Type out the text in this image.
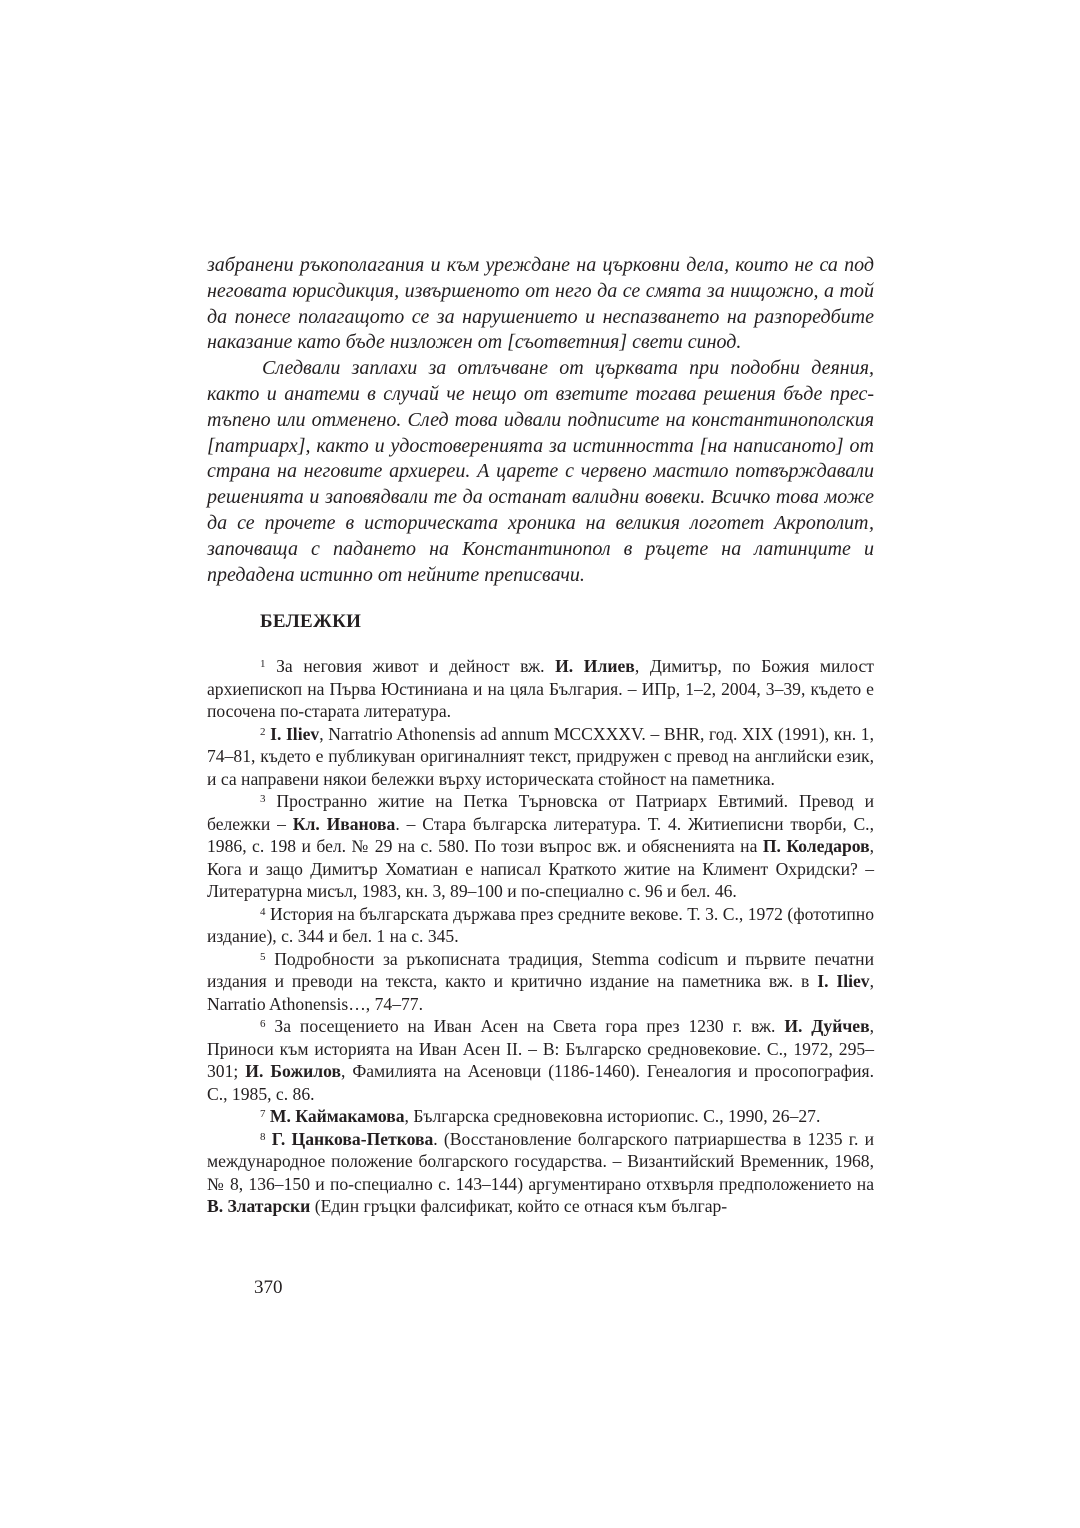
забранени ръкополагания и към уреждане на църковни дела, които не са под неговата юрисдикция, извършеното от него да се смята за нищожно, а той да понесе полагащото се за нарушението и неспазването на разпоредбите наказание като бъде низложен от [съответния] свети синод.

Следвали заплахи за отлъчване от църквата при подобни деяния, както и анатеми в случай че нещо от взетите тогава решения бъде престъпено или отменено. След това идвали подписите на константинополския [патриарх], както и удостоверенията за истинността [на написаното] от страна на неговите архиереи. А царете с червено мастило потвърждавали решенията и заповядвали те да останат валидни вовеки. Всичко това може да се прочете в историческата хроника на великия логотет Акрополит, започваща с падането на Константинопол в ръцете на латинците и предадена истинно от нейните преписвачи.

БЕЛЕЖКИ

$^1$ За неговия живот и дейност вж. И. Илиев, Димитър, по Божия милост архиепископ на Първа Юстиниана и на цяла България. – ИПр, 1–2, 2004, 3–39, където е посочена по-старата литература.

$^2$ I. Iliev, Narratrio Athonensis ad annum MCCXXXV. – BHR, год. XIX (1991), кн. 1, 74–81, където е публикуван оригиналният текст, придружен с превод на английски език, и са направени някои бележки върху историческата стойност на паметника.

$^3$ Пространно житие на Петка Търновска от Патриарх Евтимий. Превод и бележки – Кл. Иванова. – Стара българска литература. Т. 4. Житиеписни творби, С., 1986, с. 198 и бел. № 29 на с. 580. По този въпрос вж. и обясненията на П. Коледаров, Кога и защо Димитър Хоматиан е написал Краткото житие на Климент Охридски? – Литературна мисъл, 1983, кн. 3, 89–100 и по-специално с. 96 и бел. 46.

$^4$ История на българската държава през средните векове. Т. 3. С., 1972 (фототипно издание), с. 344 и бел. 1 на с. 345.

$^5$ Подробности за ръкописната традиция, Stemma codicum и първите печатни издания и преводи на текста, както и критично издание на паметника вж. в I. Iliev, Narratio Athonensis…, 74–77.

$^6$ За посещението на Иван Асен на Света гора през 1230 г. вж. И. Дуйчев, Приноси към историята на Иван Асен II. – В: Българско средновековие. С., 1972, 295–301; И. Божилов, Фамилията на Асеновци (1186-1460). Генеалогия и просопография. С., 1985, с. 86.

$^7$ М. Каймакамова, Българска средновековна историопис. С., 1990, 26–27.

$^8$ Г. Цанкова-Петкова. (Восстановление болгарского патриаршества в 1235 г. и международное положение болгарского государства. – Византийский Временник, 1968, № 8, 136–150 и по-специално с. 143–144) аргументирано отхвърля предположението на В. Златарски (Един гръцки фалсификат, който се отнася към българ-

370
